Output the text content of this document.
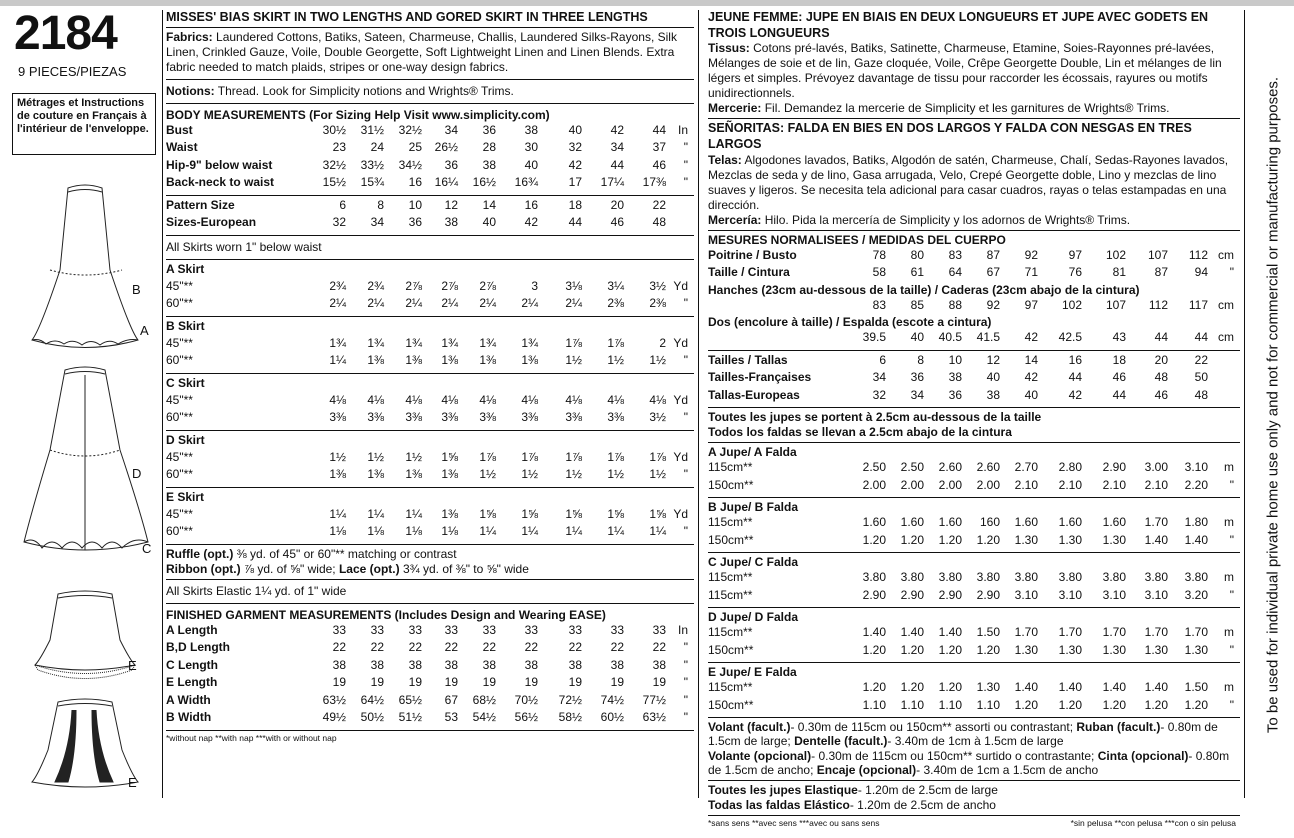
2184
9 PIECES/PIEZAS
Métrages et Instructions de couture en Français à l'intérieur de l'enveloppe.
B
A
D
C
E
E
MISSES' BIAS SKIRT IN TWO LENGTHS AND GORED SKIRT IN THREE LENGTHS
Fabrics: Laundered Cottons, Batiks, Sateen, Charmeuse, Challis, Laundered Silks-Rayons, Silk Linen, Crinkled Gauze, Voile, Double Georgette, Soft Lightweight Linen and Linen Blends. Extra fabric needed to match plaids, stripes or one-way design fabrics.
Notions: Thread. Look for Simplicity notions and Wrights® Trims.
BODY MEASUREMENTS (For Sizing Help Visit www.simplicity.com)
Bust	30½	31½	32½	34	36	38	40	42	44 In
Waist	23	24	25	26½	28	30	32	34	37	"
Hip-9" below waist	32½	33½	34½	36	38	40	42	44	46	"
Back-neck to waist	15½	15¾	16	16¼	16½	16¾	17	17¼	17⅜	"
Pattern Size	6	8	10	12	14	16	18	20	22
Sizes-European	32	34	36	38	40	42	44	46	48
All Skirts worn 1" below waist
A Skirt
45"**	2¾	2¾	2⅞	2⅞	2⅞	3	3⅛	3¼	3½ Yd
60"**	2¼	2¼	2¼	2¼	2¼	2¼	2¼	2⅜	2⅜	"
B Skirt
45"**	1¾	1¾	1¾	1¾	1¾	1¾	1⅞	1⅞	2 Yd
60"**	1¼	1⅜	1⅜	1⅜	1⅜	1⅜	1½	1½	1½	"
C Skirt
45"**	4⅛	4⅛	4⅛	4⅛	4⅛	4⅛	4⅛	4⅛	4⅛ Yd
60"**	3⅜	3⅜	3⅜	3⅜	3⅜	3⅜	3⅜	3⅜	3½	"
D Skirt
45"**	1½	1½	1½	1⅝	1⅞	1⅞	1⅞	1⅞	1⅞ Yd
60"**	1⅜	1⅜	1⅜	1⅜	1½	1½	1½	1½	1½	"
E Skirt
45"**	1¼	1¼	1¼	1⅜	1⅝	1⅝	1⅝	1⅝	1⅝ Yd
60"**	1⅛	1⅛	1⅛	1⅛	1¼	1¼	1¼	1¼	1¼	"
Ruffle (opt.) ⅜ yd. of 45" or 60"** matching or contrast
Ribbon (opt.) ⅞ yd. of ⅝" wide; Lace (opt.) 3¾ yd. of ⅜" to ⅝" wide
All Skirts Elastic 1¼ yd. of 1" wide
FINISHED GARMENT MEASUREMENTS (Includes Design and Wearing EASE)
A Length	33	33	33	33	33	33	33	33	33 In
B,D Length	22	22	22	22	22	22	22	22	22	"
C Length	38	38	38	38	38	38	38	38	38	"
E Length	19	19	19	19	19	19	19	19	19	"
A Width	63½	64½	65½	67	68½	70½	72½	74½	77½	"
B Width	49½	50½	51½	53	54½	56½	58½	60½	63½	"
*without nap **with nap ***with or without nap
JEUNE FEMME: JUPE EN BIAIS EN DEUX LONGUEURS ET JUPE AVEC GODETS EN TROIS LONGUEURS
Tissus: Cotons pré-lavés, Batiks, Satinette, Charmeuse, Etamine, Soies-Rayonnes pré-lavées, Mélanges de soie et de lin, Gaze cloquée, Voile, Crêpe Georgette Double, Lin et mélanges de lin légers et simples. Prévoyez davantage de tissu pour raccorder les écossais, rayures ou motifs unidirectionnels.
Mercerie: Fil. Demandez la mercerie de Simplicity et les garnitures de Wrights® Trims.
SEÑORITAS: FALDA EN BIES EN DOS LARGOS Y FALDA CON NESGAS EN TRES LARGOS
Telas: Algodones lavados, Batiks, Algodón de satén, Charmeuse, Chalí, Sedas-Rayones lavados, Mezclas de seda y de lino, Gasa arrugada, Velo, Crepé Georgette doble, Lino y mezclas de lino suaves y ligeros. Se necesita tela adicional para casar cuadros, rayas o telas estampadas en una dirección.
Mercería: Hilo. Pida la mercería de Simplicity y los adornos de Wrights® Trims.
MESURES NORMALISEES / MEDIDAS DEL CUERPO
Poitrine / Busto	78	80	83	87	92	97	102	107	112 cm
Taille / Cintura	58	61	64	67	71	76	81	87	94	"
Hanches (23cm au-dessous de la taille) / Caderas (23cm abajo de la cintura)
83	85	88	92	97	102	107	112	117 cm
Dos (encolure à taille) / Espalda (escote a cintura)
39.5	40	40.5	41.5	42	42.5	43	44	44 cm
Tailles / Tallas	6	8	10	12	14	16	18	20	22
Tailles-Françaises	34	36	38	40	42	44	46	48	50
Tallas-Europeas	32	34	36	38	40	42	44	46	48
Toutes les jupes se portent à 2.5cm au-dessous de la taille
Todos los faldas se llevan a 2.5cm abajo de la cintura
A Jupe/ A Falda
115cm**	2.50	2.50	2.60	2.60	2.70	2.80	2.90	3.00	3.10	m
150cm**	2.00	2.00	2.00	2.00	2.10	2.10	2.10	2.10	2.20	"
B Jupe/ B Falda
115cm**	1.60	1.60	1.60	160	1.60	1.60	1.60	1.70	1.80	m
150cm**	1.20	1.20	1.20	1.20	1.30	1.30	1.30	1.40	1.40	"
C Jupe/ C Falda
115cm**	3.80	3.80	3.80	3.80	3.80	3.80	3.80	3.80	3.80	m
115cm**	2.90	2.90	2.90	2.90	3.10	3.10	3.10	3.10	3.20	"
D Jupe/ D Falda
115cm**	1.40	1.40	1.40	1.50	1.70	1.70	1.70	1.70	1.70	m
150cm**	1.20	1.20	1.20	1.20	1.30	1.30	1.30	1.30	1.30	"
E Jupe/ E Falda
115cm**	1.20	1.20	1.20	1.30	1.40	1.40	1.40	1.40	1.50	m
150cm**	1.10	1.10	1.10	1.10	1.20	1.20	1.20	1.20	1.20	"
Volant (facult.)- 0.30m de 115cm ou 150cm** assorti ou contrastant; Ruban (facult.)- 0.80m de 1.5cm de large; Dentelle (facult.)- 3.40m de 1cm à 1.5cm de large
Volante (opcional)- 0.30m de 115cm ou 150cm** surtido o contrastante; Cinta (opcional)- 0.80m de 1.5cm de ancho; Encaje (opcional)- 3.40m de 1cm a 1.5cm de ancho
Toutes les jupes Elastique- 1.20m de 2.5cm de large
Todas las faldas Elástico- 1.20m de 2.5cm de ancho
*sans sens **avec sens ***avec ou sans sens	*sin pelusa **con pelusa ***con o sin pelusa
To be used for individual private home use only and not for commercial or manufacturing purposes.
